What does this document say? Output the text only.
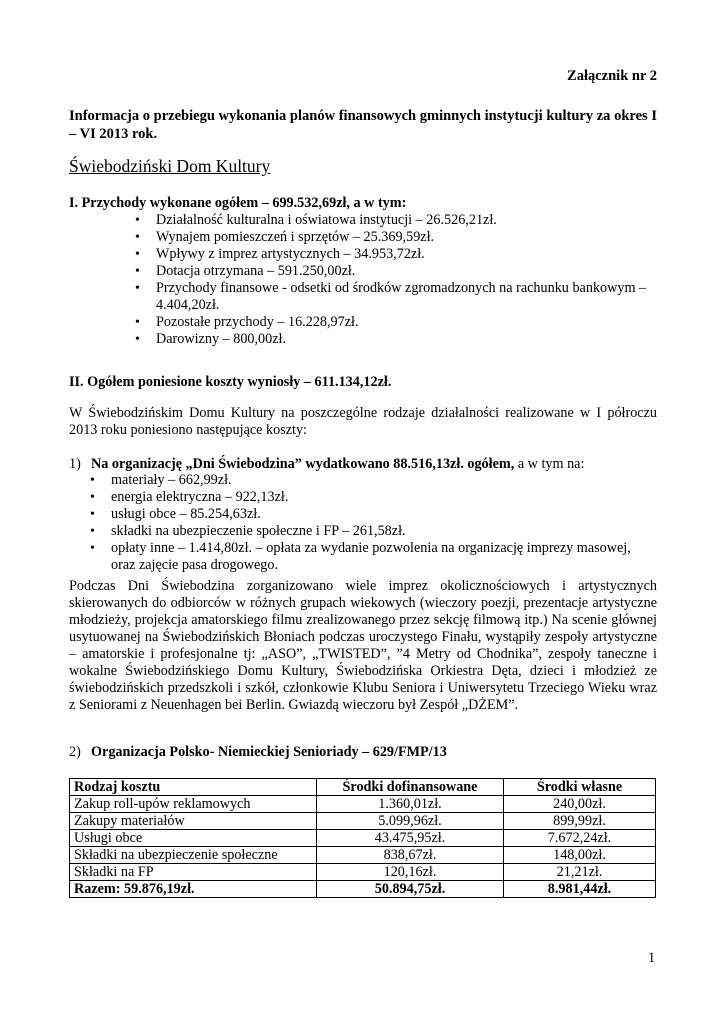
Załącznik nr 2
Informacja o przebiegu wykonania planów finansowych gminnych instytucji kultury za okres I – VI 2013 rok.
Świebodziński Dom Kultury
I. Przychody wykonane ogółem – 699.532,69zł, a w tym:
• Działalność kulturalna i oświatowa instytucji – 26.526,21zł.
• Wynajem pomieszczeń i sprzętów – 25.369,59zł.
• Wpływy z imprez artystycznych – 34.953,72zł.
• Dotacja otrzymana – 591.250,00zł.
• Przychody finansowe - odsetki od środków zgromadzonych na rachunku bankowym – 4.404,20zł.
• Pozostałe przychody – 16.228,97zł.
• Darowizny – 800,00zł.
II. Ogółem poniesione koszty wyniosły – 611.134,12zł.
W Świebodzińskim Domu Kultury na poszczególne rodzaje działalności realizowane w I półroczu 2013 roku poniesiono następujące koszty:
1) Na organizację „Dni Świebodzina” wydatkowano 88.516,13zł. ogółem, a w tym na:
• materiały – 662,99zł.
• energia elektryczna – 922,13zł.
• usługi obce – 85.254,63zł.
• składki na ubezpieczenie społeczne i FP – 261,58zł.
• opłaty inne – 1.414,80zł. – opłata za wydanie pozwolenia na organizację imprezy masowej, oraz zajęcie pasa drogowego.
Podczas Dni Świebodzina zorganizowano wiele imprez okolicznościowych i artystycznych skierowanych do odbiorców w różnych grupach wiekowych (wieczory poezji, prezentacje artystyczne młodzieży, projekcja amatorskiego filmu zrealizowanego przez sekcję filmową itp.) Na scenie głównej usytuowanej na Świebodzińskich Błoniach podczas uroczystego Finału, wystąpiły zespoły artystyczne – amatorskie i profesjonalne tj: „ASO”, „TWISTED”, ”4 Metry od Chodnika”, zespoły taneczne i wokalne Świebodzińskiego Domu Kultury, Świebodzińska Orkiestra Dęta, dzieci i młodzież ze świebodzińskich przedszkoli i szkół, członkowie Klubu Seniora i Uniwersytetu Trzeciego Wieku wraz z Seniorami z Neuenhagen bei Berlin. Gwiazdą wieczoru był Zespół „DŻEM”.
2) Organizacja Polsko- Niemieckiej Senioriady – 629/FMP/13
Rodzaj kosztu	Środki dofinansowane	Środki własne
Zakup roll-upów reklamowych	1.360,01zł.	240,00zł.
Zakupy materiałów	5.099,96zł.	899,99zł.
Usługi obce	43.475,95zł.	7.672,24zł.
Składki na ubezpieczenie społeczne	838,67zł.	148,00zł.
Składki na FP	120,16zł.	21,21zł.
Razem: 59.876,19zł.	50.894,75zł.	8.981,44zł.
1
